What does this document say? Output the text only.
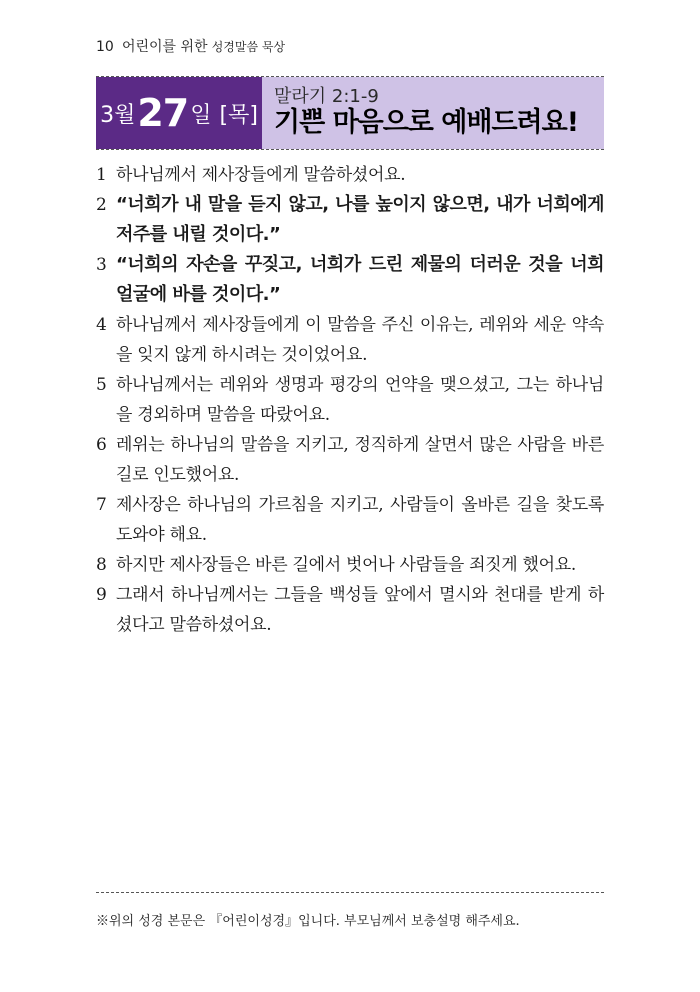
10 어린이를 위한 성경말씀 묵상
3월 27 일 [목]
말라기 2:1-9
기쁜 마음으로 예배드려요!
1 하나님께서 제사장들에게 말씀하셨어요.
2 “너희가 내 말을 듣지 않고, 나를 높이지 않으면, 내가 너희에게 저주를 내릴 것이다.”
3 “너희의 자손을 꾸짖고, 너희가 드린 제물의 더러운 것을 너희 얼굴에 바를 것이다.”
4 하나님께서 제사장들에게 이 말씀을 주신 이유는, 레위와 세운 약속을 잊지 않게 하시려는 것이었어요.
5 하나님께서는 레위와 생명과 평강의 언약을 맺으셨고, 그는 하나님을 경외하며 말씀을 따랐어요.
6 레위는 하나님의 말씀을 지키고, 정직하게 살면서 많은 사람을 바른 길로 인도했어요.
7 제사장은 하나님의 가르침을 지키고, 사람들이 올바른 길을 찾도록 도와야 해요.
8 하지만 제사장들은 바른 길에서 벗어나 사람들을 죄짓게 했어요.
9 그래서 하나님께서는 그들을 백성들 앞에서 멸시와 천대를 받게 하셨다고 말씀하셨어요.
※위의 성경 본문은 『어린이성경』입니다. 부모님께서 보충설명 해주세요.
